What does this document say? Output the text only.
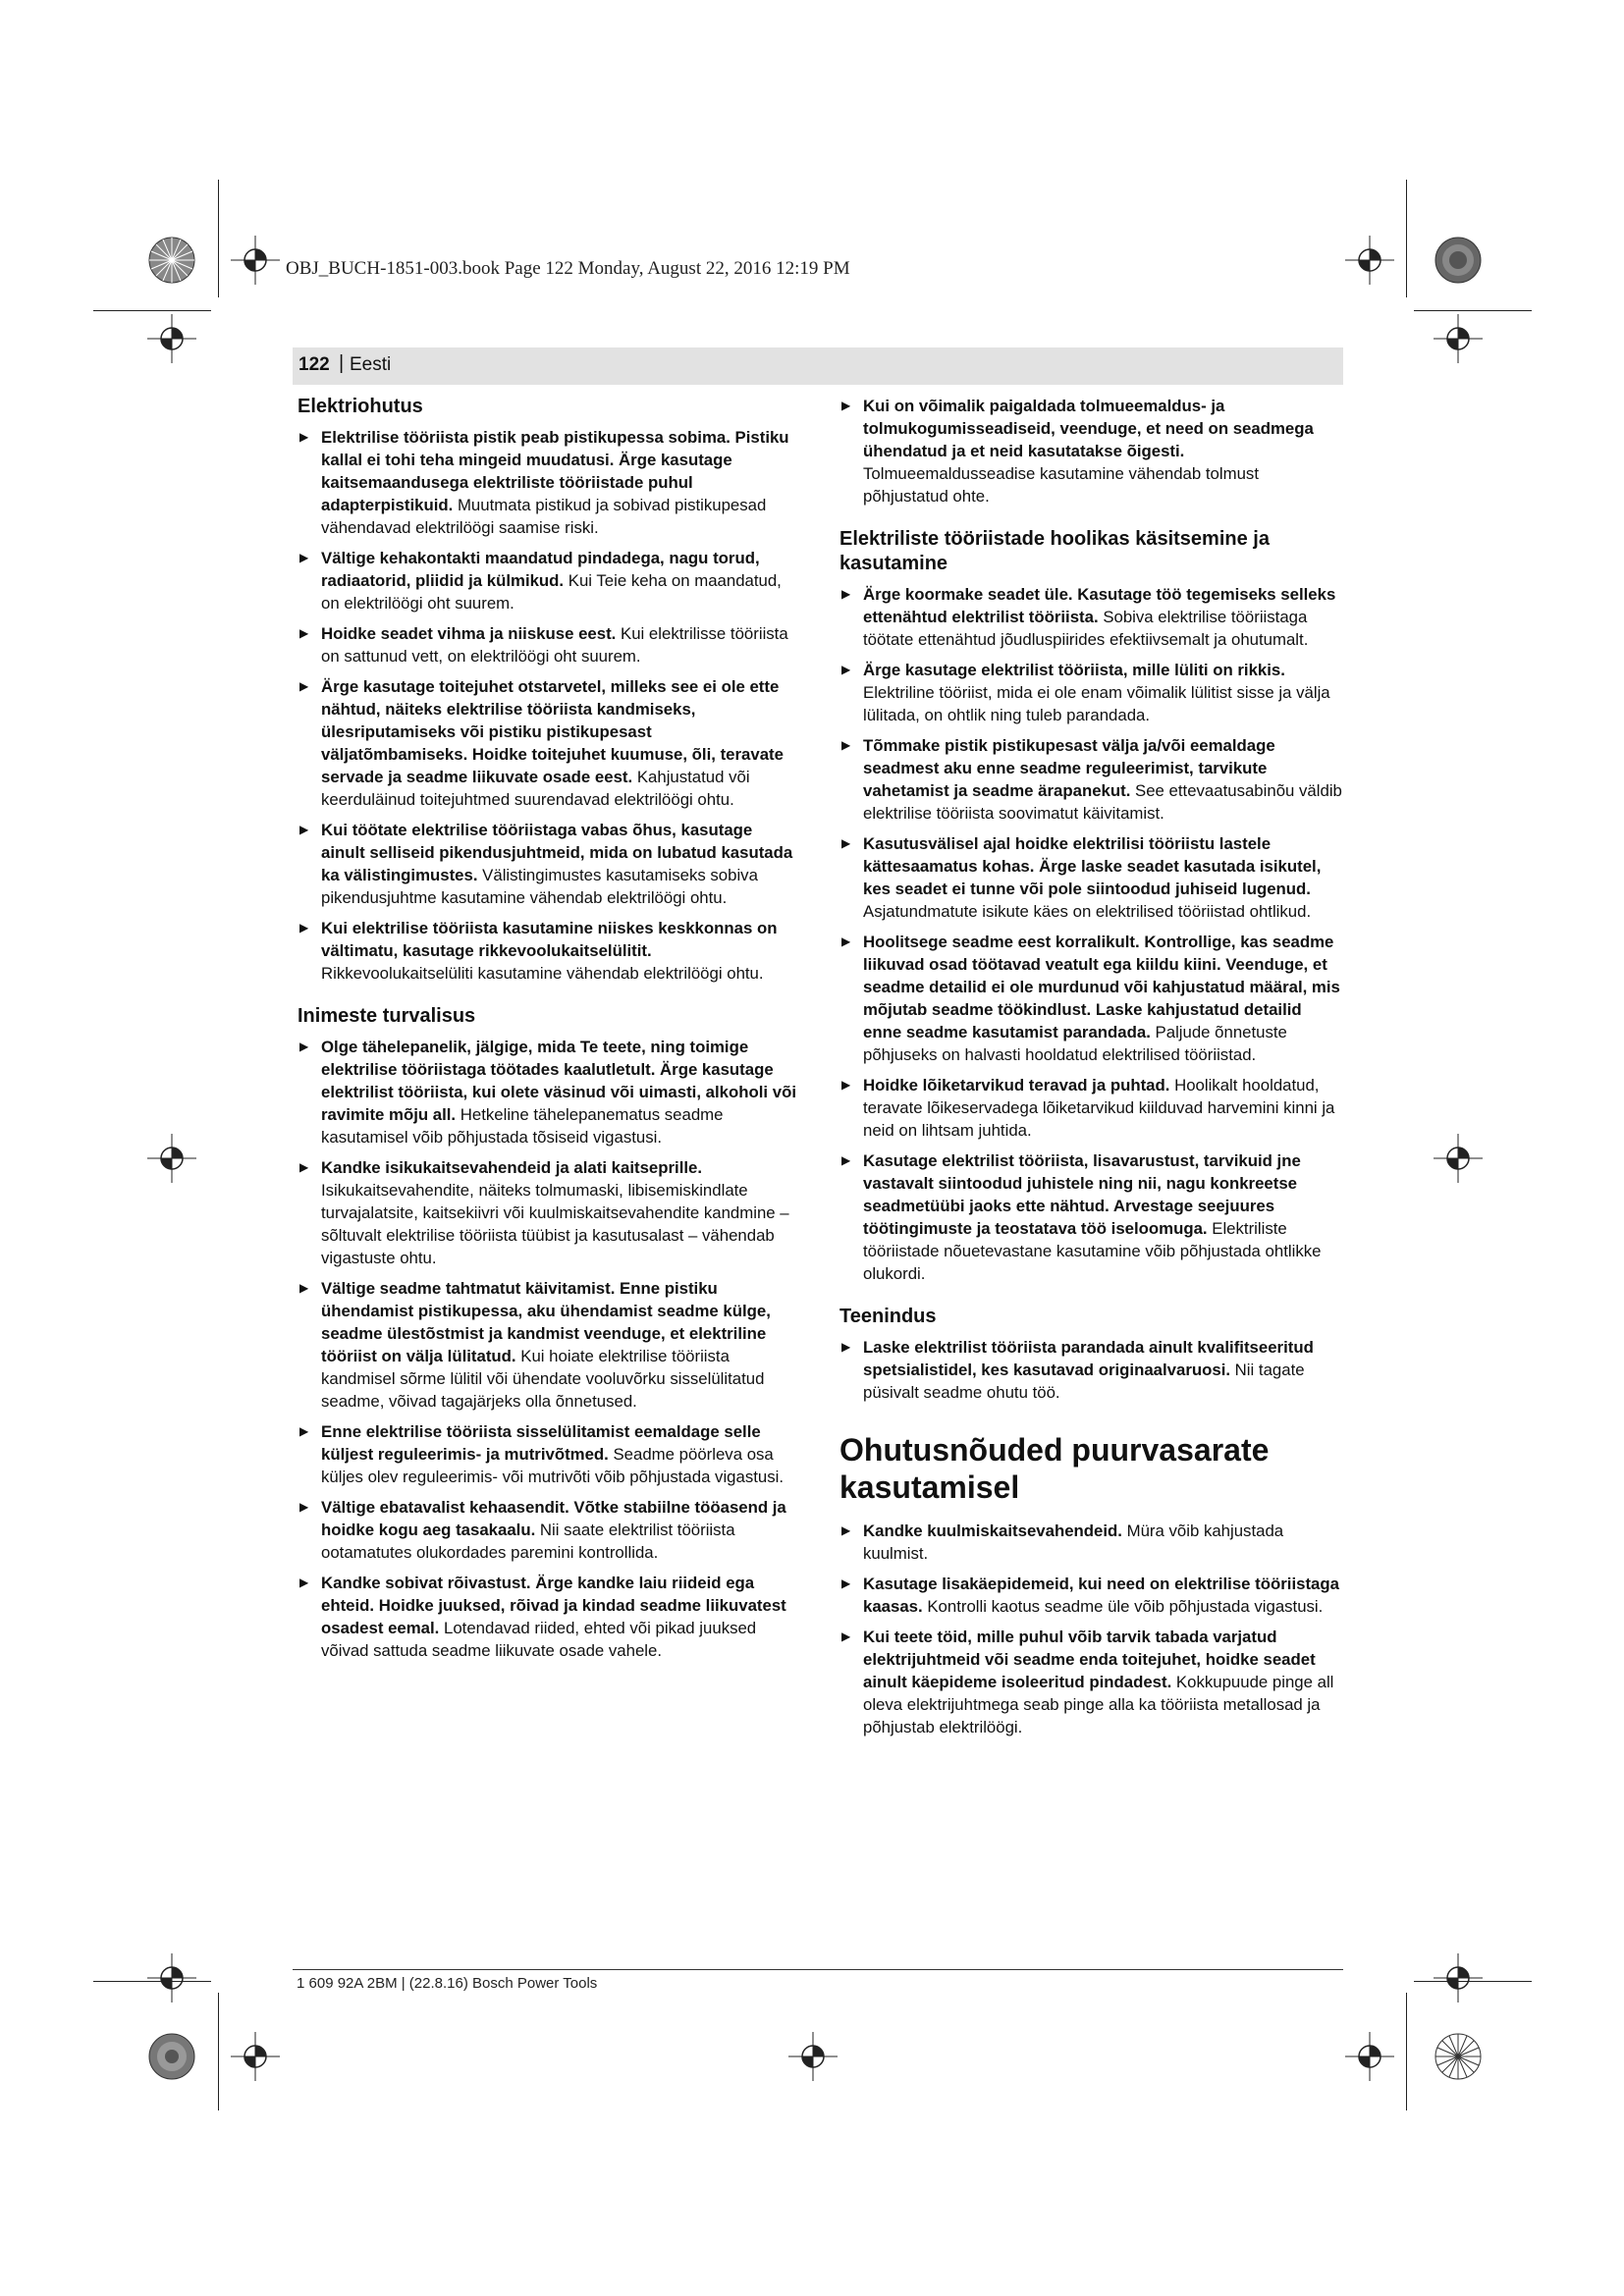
OBJ_BUCH-1851-003.book Page 122 Monday, August 22, 2016 12:19 PM
122 | Eesti
Elektriohutus
▶ Elektrilise tööriista pistik peab pistikupessa sobima. Pistiku kallal ei tohi teha mingeid muudatusi. Ärge kasutage kaitsemaandusega elektriliste tööriistade puhul adapterpistikuid. Muutmata pistikud ja sobivad pistikupesad vähendavad elektrilöögi saamise riski.
▶ Vältige kehakontakti maandatud pindadega, nagu torud, radiaatorid, pliidid ja külmikud. Kui Teie keha on maandatud, on elektrilöögi oht suurem.
▶ Hoidke seadet vihma ja niiskuse eest. Kui elektrilisse tööriista on sattunud vett, on elektrilöögi oht suurem.
▶ Ärge kasutage toitejuhet otstarvetel, milleks see ei ole ette nähtud, näiteks elektrilise tööriista kandmiseks, ülesriputamiseks või pistiku pistikupesast väljatõmbamiseks. Hoidke toitejuhet kuumuse, õli, teravate servade ja seadme liikuvate osade eest. Kahjustatud või keerduläinud toitejuhtmed suurendavad elektrilöögi ohtu.
▶ Kui töötate elektrilise tööriistaga vabas õhus, kasutage ainult selliseid pikendusjuhtmeid, mida on lubatud kasutada ka välistingimustes. Välistingimustes kasutamiseks sobiva pikendusjuhtme kasutamine vähendab elektrilöögi ohtu.
▶ Kui elektrilise tööriista kasutamine niiskes keskkonnas on vältimatu, kasutage rikkevoolukaitselülitit. Rikkevoolukaitselüliti kasutamine vähendab elektrilöögi ohtu.
Inimeste turvalisus
▶ Olge tähelepanelik, jälgige, mida Te teete, ning toimige elektrilise tööriistaga töötades kaalutletult. Ärge kasutage elektrilist tööriista, kui olete väsinud või uimasti, alkoholi või ravimite mõju all. Hetkeline tähelepanematus seadme kasutamisel võib põhjustada tõsiseid vigastusi.
▶ Kandke isikukaitsevahendeid ja alati kaitseprille. Isikukaitsevahendite, näiteks tolmumaski, libisemiskindlate turvajalatsite, kaitsekiivri või kuulmiskaitsevahendite kandmine – sõltuvalt elektrilise tööriista tüübist ja kasutusalast – vähendab vigastuste ohtu.
▶ Vältige seadme tahtmatut käivitamist. Enne pistiku ühendamist pistikupessa, aku ühendamist seadme külge, seadme ülestõstmist ja kandmist veenduge, et elektriline tööriist on välja lülitatud. Kui hoiate elektrilise tööriista kandmisel sõrme lülitil või ühendate vooluvõrku sisselülitatud seadme, võivad tagajärjeks olla õnnetused.
▶ Enne elektrilise tööriista sisselülitamist eemaldage selle küljest reguleerimis- ja mutrivõtmed. Seadme pöörleva osa küljes olev reguleerimis- või mutrivõti võib põhjustada vigastusi.
▶ Vältige ebatavalist kehaasendit. Võtke stabiilne tööasend ja hoidke kogu aeg tasakaalu. Nii saate elektrilist tööriista ootamatutes olukordades paremini kontrollida.
▶ Kandke sobivat rõivastust. Ärge kandke laiu riideid ega ehteid. Hoidke juuksed, rõivad ja kindad seadme liikuvatest osadest eemal. Lotendavad riided, ehted või pikad juuksed võivad sattuda seadme liikuvate osade vahele.
▶ Kui on võimalik paigaldada tolmueemaldus- ja tolmukogumisseadiseid, veenduge, et need on seadmega ühendatud ja et neid kasutatakse õigesti. Tolmueemaldusseadise kasutamine vähendab tolmust põhjustatud ohte.
Elektriliste tööriistade hoolikas käsitsemine ja kasutamine
▶ Ärge koormake seadet üle. Kasutage töö tegemiseks selleks ettenähtud elektrilist tööriista. Sobiva elektrilise tööriistaga töötate ettenähtud jõudluspiirides efektiivsemalt ja ohutumalt.
▶ Ärge kasutage elektrilist tööriista, mille lüliti on rikkis. Elektriline tööriist, mida ei ole enam võimalik lülitist sisse ja välja lülitada, on ohtlik ning tuleb parandada.
▶ Tõmmake pistik pistikupesast välja ja/või eemaldage seadmest aku enne seadme reguleerimist, tarvikute vahetamist ja seadme ärapanekut. See ettevaatusabinõu väldib elektrilise tööriista soovimatut käivitamist.
▶ Kasutusvälisel ajal hoidke elektrilisi tööriistu lastele kättesaamatus kohas. Ärge laske seadet kasutada isikutel, kes seadet ei tunne või pole siintoodud juhiseid lugenud. Asjatundmatute isikute käes on elektrilised tööriistad ohtlikud.
▶ Hoolitsege seadme eest korralikult. Kontrollige, kas seadme liikuvad osad töötavad veatult ega kiildu kiini. Veenduge, et seadme detailid ei ole murdunud või kahjustatud määral, mis mõjutab seadme töökindlust. Laske kahjustatud detailid enne seadme kasutamist parandada. Paljude õnnetuste põhjuseks on halvasti hooldatud elektrilised tööriistad.
▶ Hoidke lõiketarvikud teravad ja puhtad. Hoolikalt hooldatud, teravate lõikeservadega lõiketarvikud kiilduvad harvemini kinni ja neid on lihtsam juhtida.
▶ Kasutage elektrilist tööriista, lisavarustust, tarvikuid jne vastavalt siintoodud juhistele ning nii, nagu konkreetse seadmetüübi jaoks ette nähtud. Arvestage seejuures töötingimuste ja teostatava töö iseloomuga. Elektriliste tööriistade nõuetevastane kasutamine võib põhjustada ohtlikke olukordi.
Teenindus
▶ Laske elektrilist tööriista parandada ainult kvalifitseeritud spetsialistidel, kes kasutavad originaalvaruosi. Nii tagate püsivalt seadme ohutu töö.
Ohutusnõuded puurvasarate kasutamisel
▶ Kandke kuulmiskaitsevahendeid. Müra võib kahjustada kuulmist.
▶ Kasutage lisakäepidemeid, kui need on elektrilise tööriistaga kaasas. Kontrolli kaotus seadme üle võib põhjustada vigastusi.
▶ Kui teete töid, mille puhul võib tarvik tabada varjatud elektrijuhtmeid või seadme enda toitejuhet, hoidke seadet ainult käepideme isoleeritud pindadest. Kokkupuude pinge all oleva elektrijuhtmega seab pinge alla ka tööriista metallosad ja põhjustab elektrilöögi.
1 609 92A 2BM | (22.8.16) Bosch Power Tools
